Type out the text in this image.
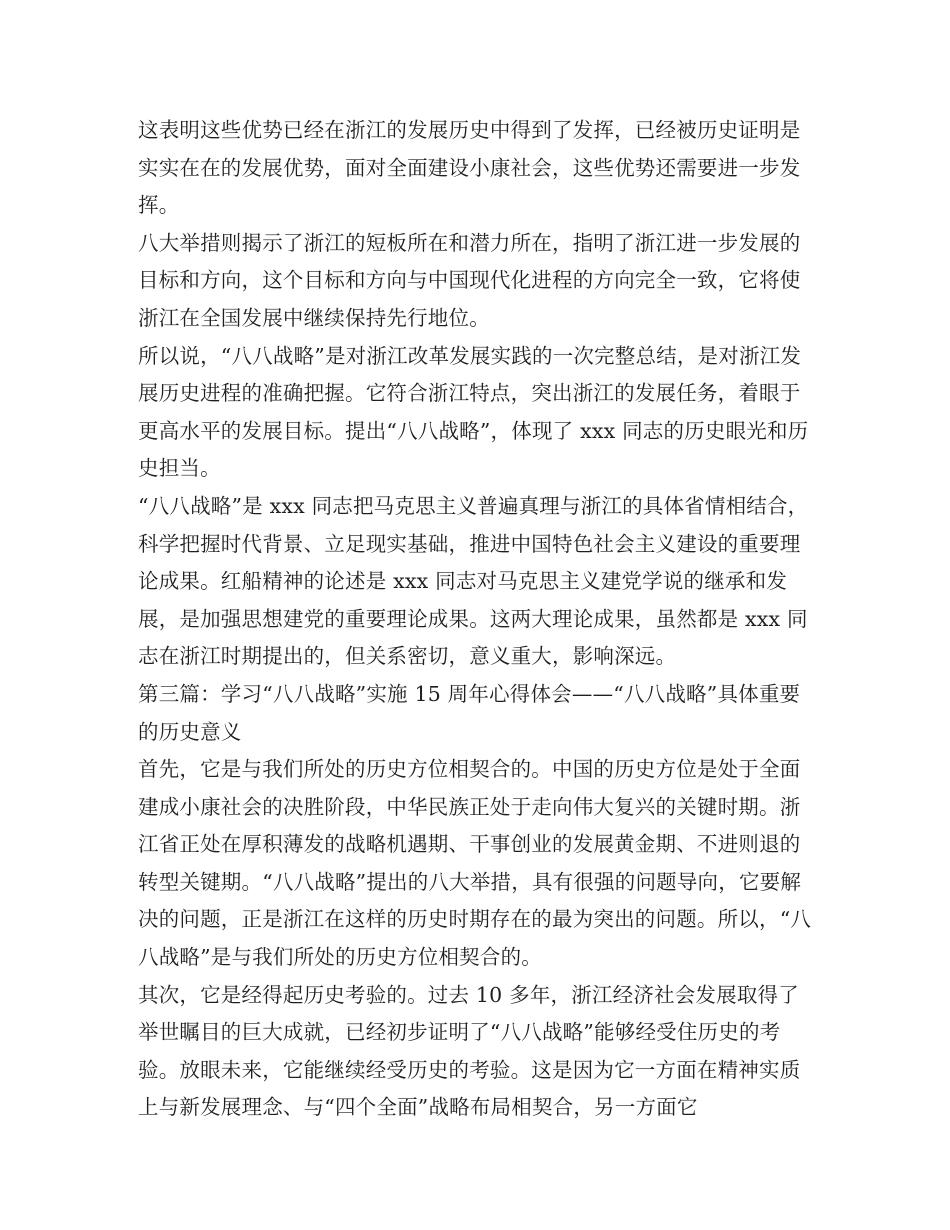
这表明这些优势已经在浙江的发展历史中得到了发挥，已经被历史证明是实实在在的发展优势，面对全面建设小康社会，这些优势还需要进一步发挥。

八大举措则揭示了浙江的短板所在和潜力所在，指明了浙江进一步发展的目标和方向，这个目标和方向与中国现代化进程的方向完全一致，它将使浙江在全国发展中继续保持先行地位。

所以说，“八八战略”是对浙江改革发展实践的一次完整总结，是对浙江发展历史进程的准确把握。它符合浙江特点，突出浙江的发展任务，着眼于更高水平的发展目标。提出“八八战略”，体现了 xxx 同志的历史眼光和历史担当。

“八八战略”是 xxx 同志把马克思主义普遍真理与浙江的具体省情相结合，科学把握时代背景、立足现实基础，推进中国特色社会主义建设的重要理论成果。红船精神的论述是 xxx 同志对马克思主义建党学说的继承和发展，是加强思想建党的重要理论成果。这两大理论成果，虽然都是 xxx 同志在浙江时期提出的，但关系密切，意义重大，影响深远。

第三篇：学习“八八战略”实施 15 周年心得体会——“八八战略”具体重要的历史意义

首先，它是与我们所处的历史方位相契合的。中国的历史方位是处于全面建成小康社会的决胜阶段，中华民族正处于走向伟大复兴的关键时期。浙江省正处在厚积薄发的战略机遇期、干事创业的发展黄金期、不进则退的转型关键期。“八八战略”提出的八大举措，具有很强的问题导向，它要解决的问题，正是浙江在这样的历史时期存在的最为突出的问题。所以，“八八战略”是与我们所处的历史方位相契合的。

其次，它是经得起历史考验的。过去 10 多年，浙江经济社会发展取得了举世瞩目的巨大成就，已经初步证明了“八八战略”能够经受住历史的考验。放眼未来，它能继续经受历史的考验。这是因为它一方面在精神实质上与新发展理念、与“四个全面”战略布局相契合，另一方面它
